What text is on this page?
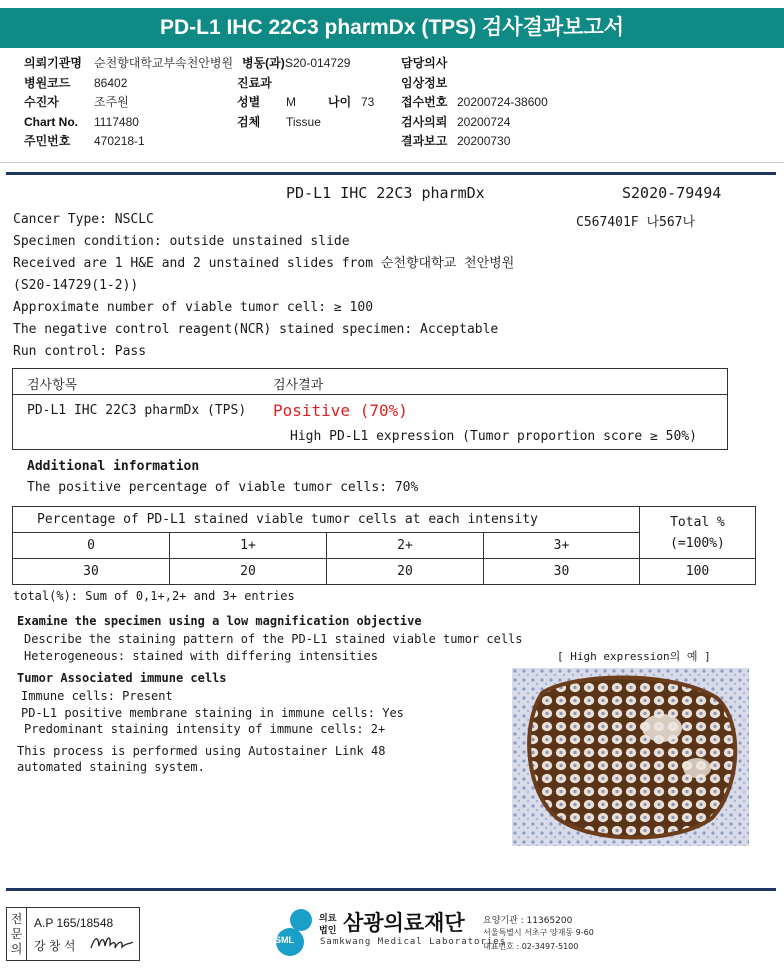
PD-L1 IHC 22C3 pharmDx (TPS) 검사결과보고서
의뢰기관명 순천향대학교부속천안병원 병동(과) S20-014729	담당의사
병원코드 86402	진료과	임상정보
수진자	조주원	성별 M	나이 73 접수번호 20200724-38600
Chart No. 1117480	검체 Tissue	검사의뢰 20200724
주민번호 470218-1	결과보고 20200730
PD-L1 IHC 22C3 pharmDx	S2020-79494
C567401F 나567나
Cancer Type: NSCLC
Specimen condition: outside unstained slide
Received are 1 H&E and 2 unstained slides from 순천향대학교 천안병원
(S20-14729(1-2))
Approximate number of viable tumor cell: ≥ 100
The negative control reagent(NCR) stained specimen: Acceptable
Run control: Pass
검사항목	검사결과
PD-L1 IHC 22C3 pharmDx (TPS) Positive (70%)
High PD-L1 expression (Tumor proportion score ≥ 50%)
Additional information
The positive percentage of viable tumor cells: 70%
Percentage of PD-L1 stained viable tumor cells at each intensity				Total %
(=100%)

0	1+	2+	3+	
30	20	20	30	100
total(%): Sum of 0,1+,2+ and 3+ entries
Examine the specimen using a low magnification objective
Describe the staining pattern of the PD-L1 stained viable tumor cells
Heterogeneous: stained with differing intensities	[ High expression의 예 ]
Tumor Associated immune cells
Immune cells: Present
PD-L1 positive membrane staining in immune cells: Yes
Predominant staining intensity of immune cells: 2+
This process is performed using Autostainer Link 48
automated staining system.
전문의
A.P 165/18548
강 창 석	SML
의료
법인 삼광의료재단
Samkwang Medical Laboratories
요양기관 : 11365200
서울특별시 서초구 양재동 9-60
대표번호 : 02-3497-5100
